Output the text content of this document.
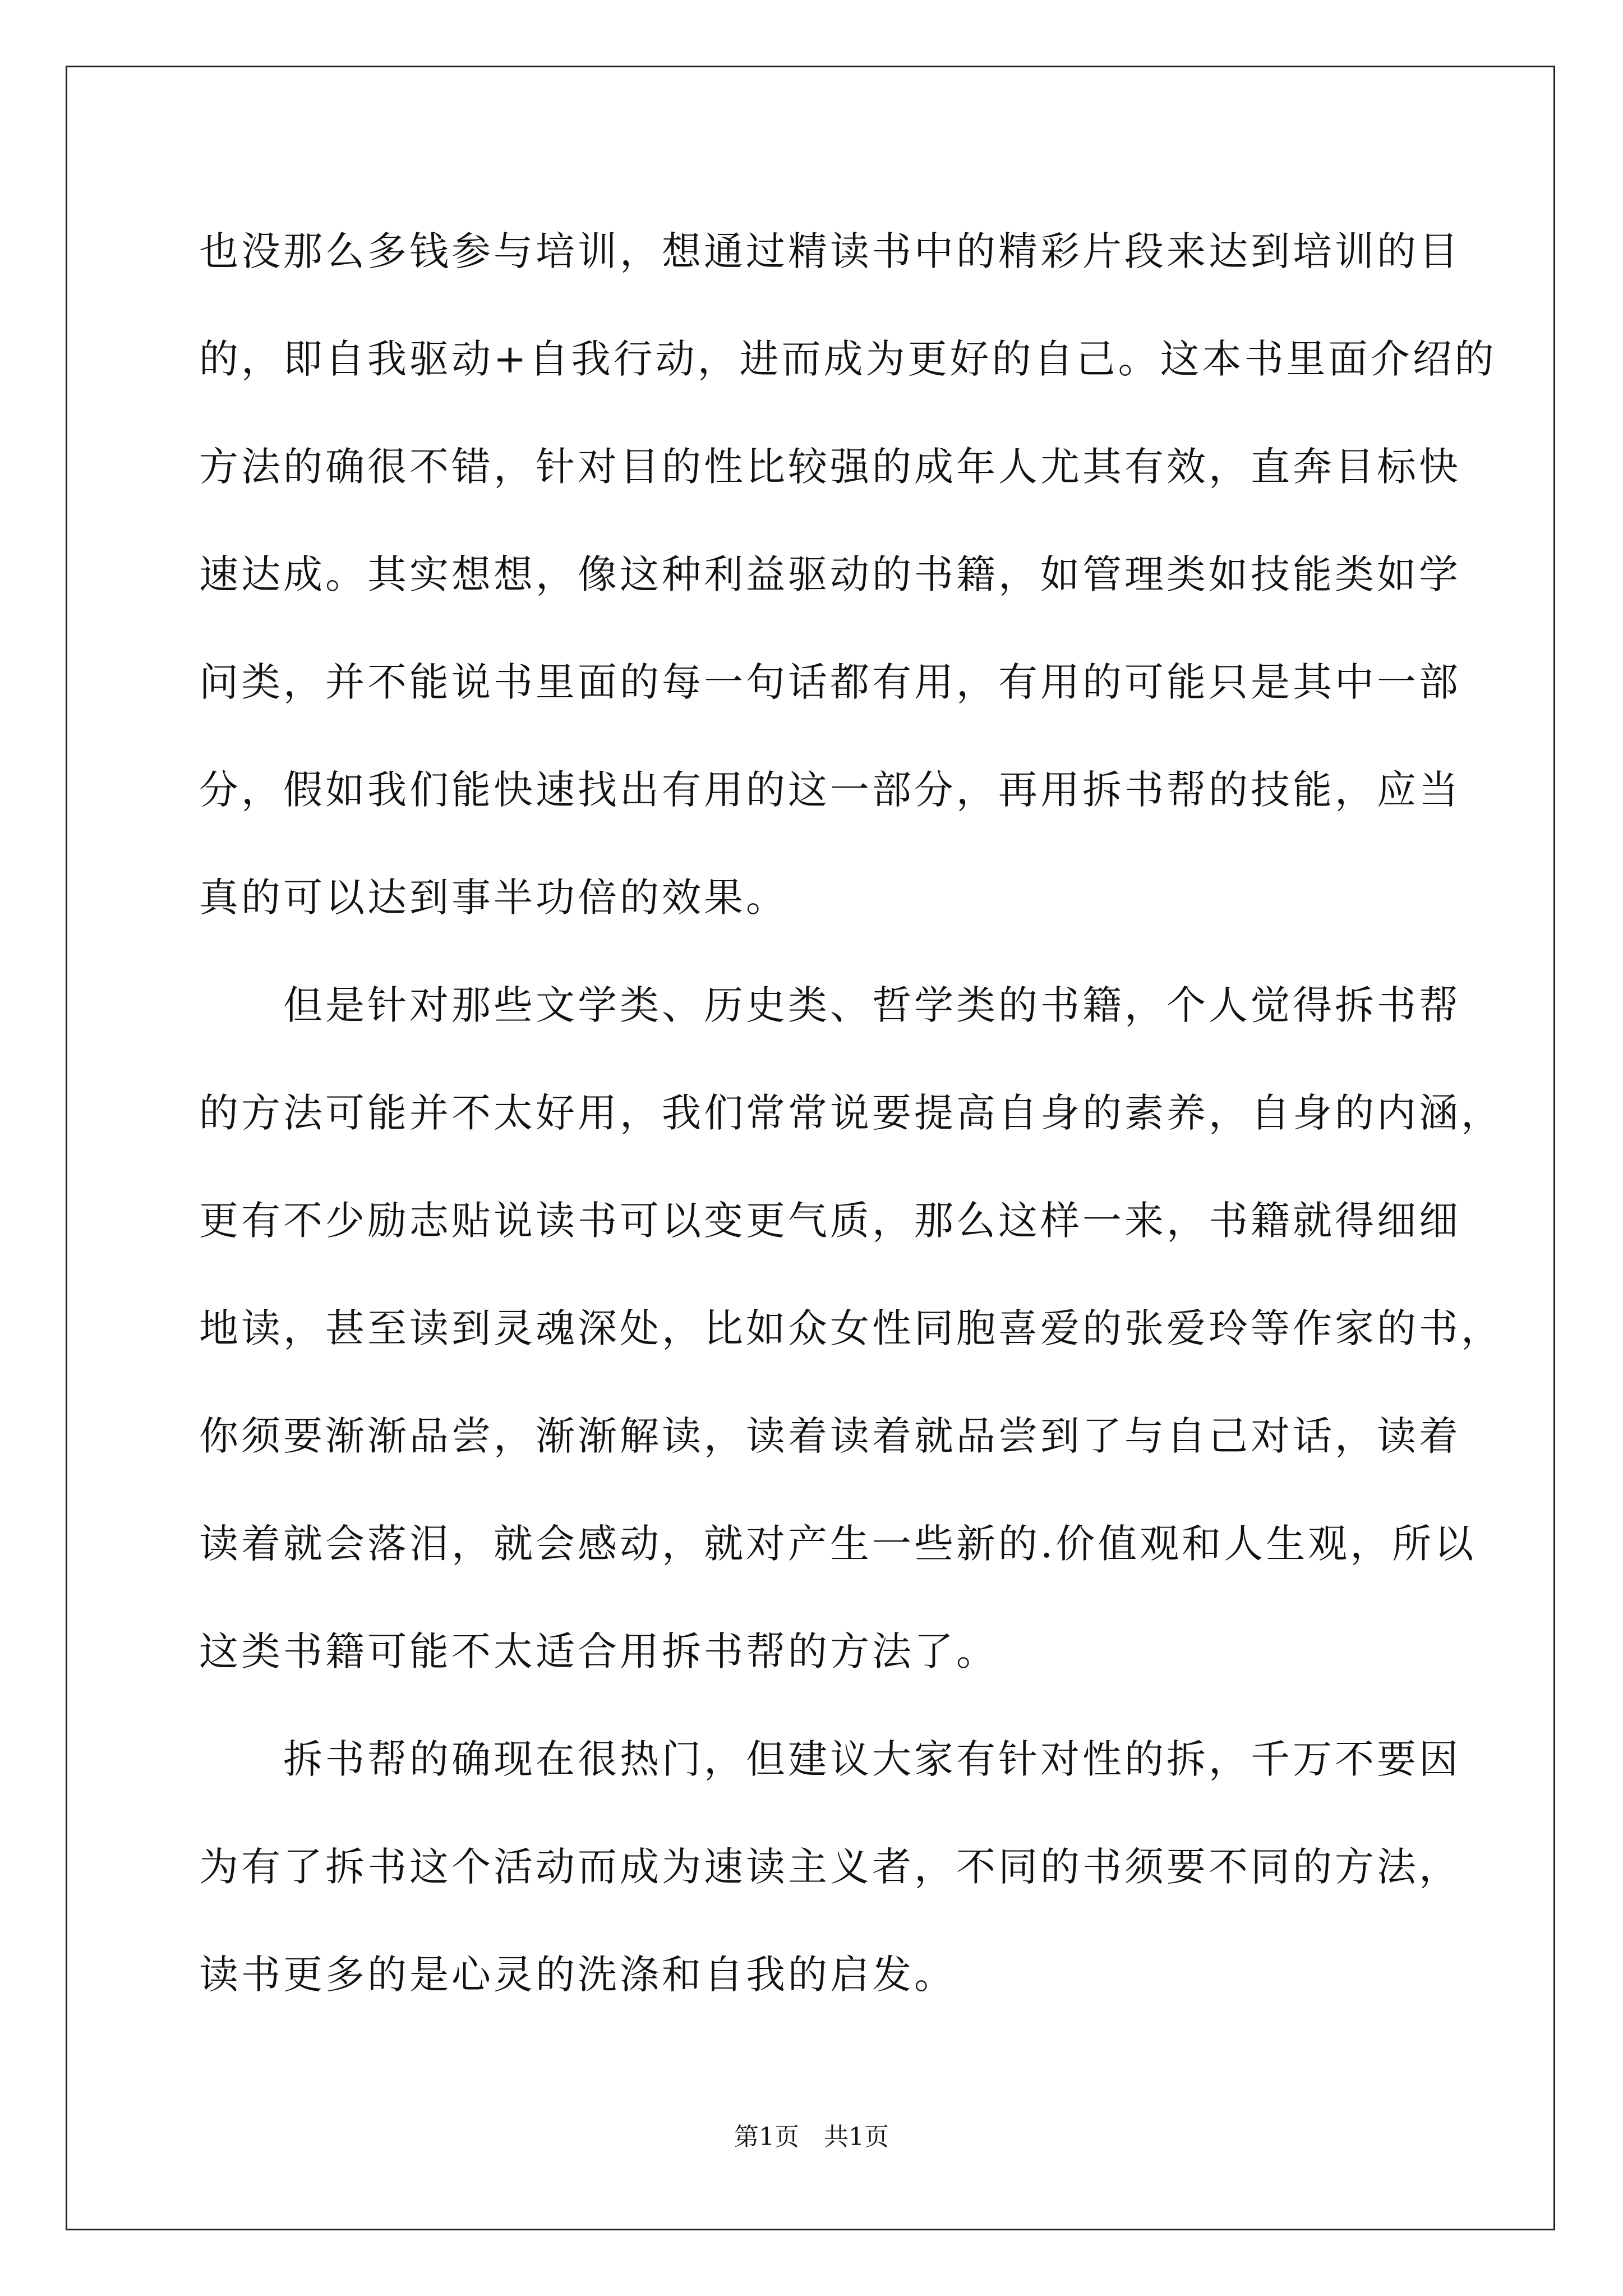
也没那么多钱参与培训，想通过精读书中的精彩片段来达到培训的目
的，即自我驱动+自我行动，进而成为更好的自己。这本书里面介绍的
方法的确很不错，针对目的性比较强的成年人尤其有效，直奔目标快
速达成。其实想想，像这种利益驱动的书籍，如管理类如技能类如学
问类，并不能说书里面的每一句话都有用，有用的可能只是其中一部
分，假如我们能快速找出有用的这一部分，再用拆书帮的技能，应当
真的可以达到事半功倍的效果。
　　但是针对那些文学类、历史类、哲学类的书籍，个人觉得拆书帮
的方法可能并不太好用，我们常常说要提高自身的素养，自身的内涵，
更有不少励志贴说读书可以变更气质，那么这样一来，书籍就得细细
地读，甚至读到灵魂深处，比如众女性同胞喜爱的张爱玲等作家的书，
你须要渐渐品尝，渐渐解读，读着读着就品尝到了与自己对话，读着
读着就会落泪，就会感动，就对产生一些新的.价值观和人生观，所以
这类书籍可能不太适合用拆书帮的方法了。
　　拆书帮的确现在很热门，但建议大家有针对性的拆，千万不要因
为有了拆书这个活动而成为速读主义者，不同的书须要不同的方法，
读书更多的是心灵的洗涤和自我的启发。
第1页　共1页
